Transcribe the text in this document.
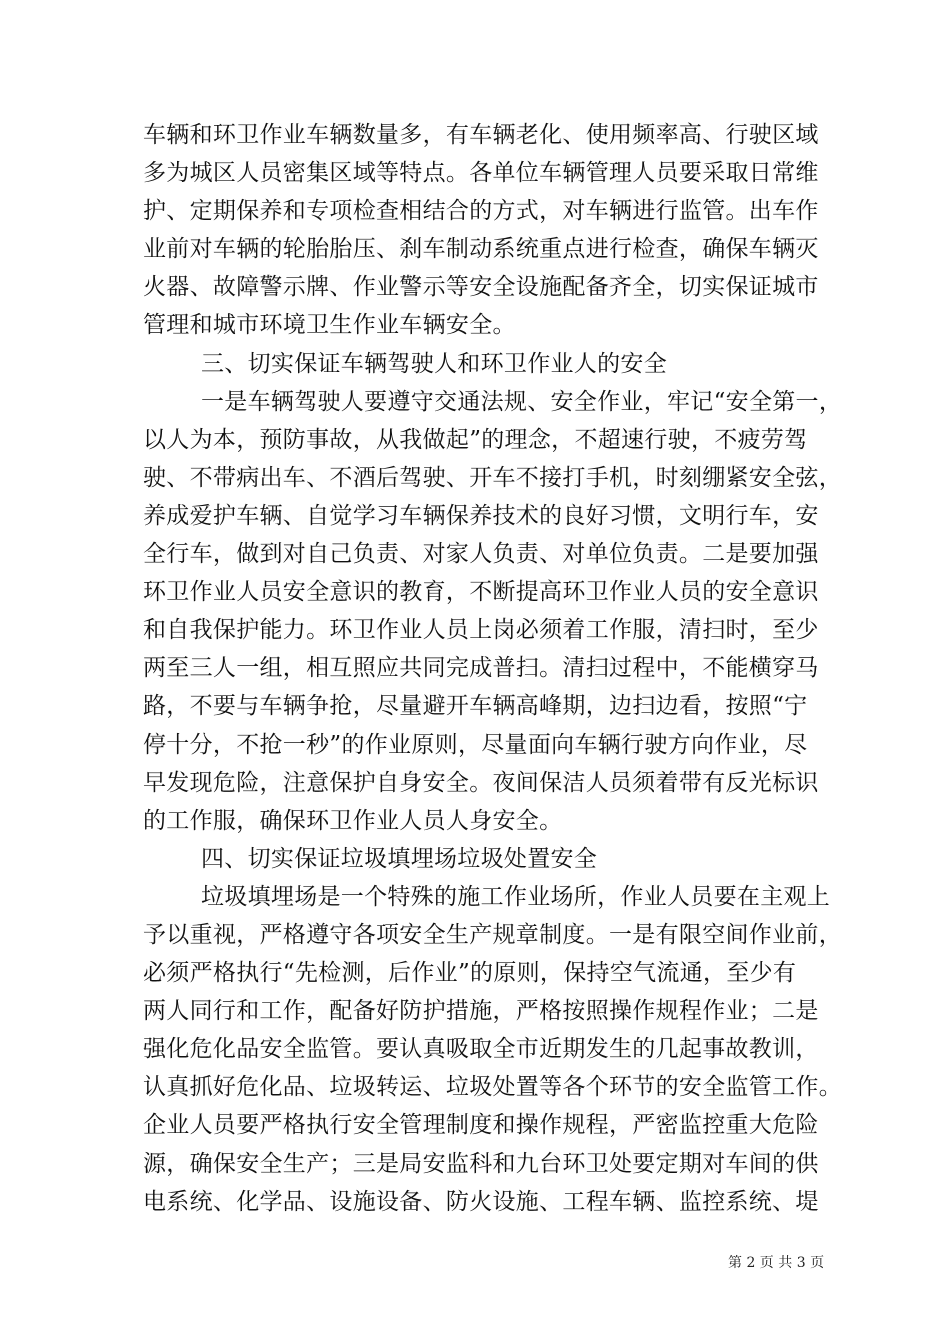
车辆和环卫作业车辆数量多，有车辆老化、使用频率高、行驶区域
多为城区人员密集区域等特点。各单位车辆管理人员要采取日常维
护、定期保养和专项检查相结合的方式，对车辆进行监管。出车作
业前对车辆的轮胎胎压、刹车制动系统重点进行检查，确保车辆灭
火器、故障警示牌、作业警示等安全设施配备齐全，切实保证城市
管理和城市环境卫生作业车辆安全。
三、切实保证车辆驾驶人和环卫作业人的安全
一是车辆驾驶人要遵守交通法规、安全作业，牢记“安全第一，
以人为本，预防事故，从我做起”的理念，不超速行驶，不疲劳驾
驶、不带病出车、不酒后驾驶、开车不接打手机，时刻绷紧安全弦，
养成爱护车辆、自觉学习车辆保养技术的良好习惯，文明行车，安
全行车，做到对自己负责、对家人负责、对单位负责。二是要加强
环卫作业人员安全意识的教育，不断提高环卫作业人员的安全意识
和自我保护能力。环卫作业人员上岗必须着工作服，清扫时，至少
两至三人一组，相互照应共同完成普扫。清扫过程中，不能横穿马
路，不要与车辆争抢，尽量避开车辆高峰期，边扫边看，按照“宁
停十分，不抢一秒”的作业原则，尽量面向车辆行驶方向作业，尽
早发现危险，注意保护自身安全。夜间保洁人员须着带有反光标识
的工作服，确保环卫作业人员人身安全。
四、切实保证垃圾填埋场垃圾处置安全
垃圾填埋场是一个特殊的施工作业场所，作业人员要在主观上
予以重视，严格遵守各项安全生产规章制度。一是有限空间作业前，
必须严格执行“先检测，后作业”的原则，保持空气流通，至少有
两人同行和工作，配备好防护措施，严格按照操作规程作业；二是
强化危化品安全监管。要认真吸取全市近期发生的几起事故教训，
认真抓好危化品、垃圾转运、垃圾处置等各个环节的安全监管工作。
企业人员要严格执行安全管理制度和操作规程，严密监控重大危险
源，确保安全生产；三是局安监科和九台环卫处要定期对车间的供
电系统、化学品、设施设备、防火设施、工程车辆、监控系统、堤
第 2 页 共 3 页
